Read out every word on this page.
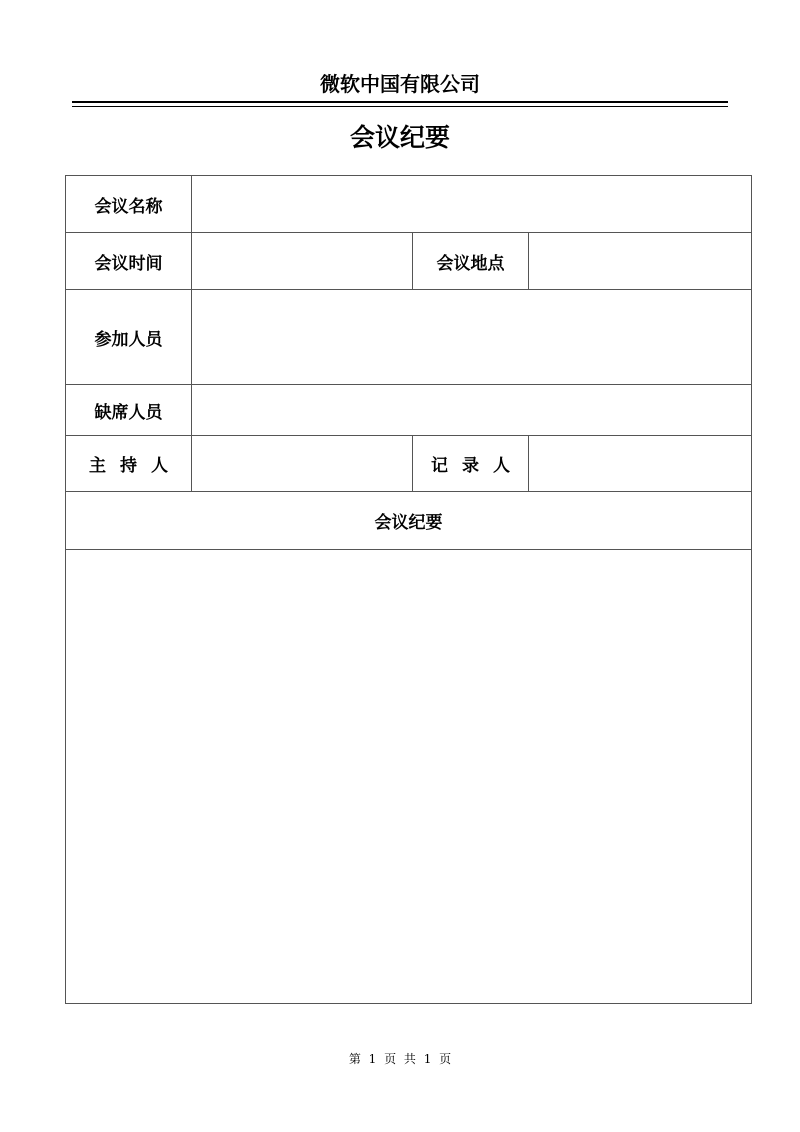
微软中国有限公司
会议纪要
会议名称			
会议时间		会议地点	
参加人员			
缺席人员			
主持人		记录人	
会议纪要			

第 1 页 共 1 页
